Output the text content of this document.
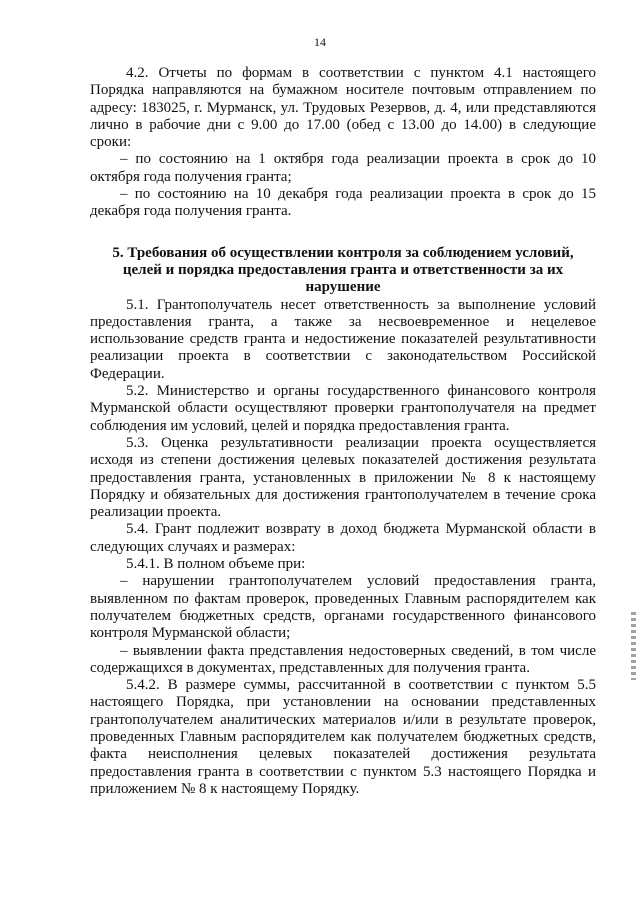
14

4.2. Отчеты по формам в соответствии с пунктом 4.1 настоящего Порядка направляются на бумажном носителе почтовым отправлением по адресу: 183025, г. Мурманск, ул. Трудовых Резервов, д. 4, или представляются лично в рабочие дни с 9.00 до 17.00 (обед с 13.00 до 14.00) в следующие сроки:

– по состоянию на 1 октября года реализации проекта в срок до 10 октября года получения гранта;

– по состоянию на 10 декабря года реализации проекта в срок до 15 декабря года получения гранта.

5. Требования об осуществлении контроля за соблюдением условий, целей и порядка предоставления гранта и ответственности за их нарушение

5.1. Грантополучатель несет ответственность за выполнение условий предоставления гранта, а также за несвоевременное и нецелевое использование средств гранта и недостижение показателей результативности реализации проекта в соответствии с законодательством Российской Федерации.

5.2. Министерство и органы государственного финансового контроля Мурманской области осуществляют проверки грантополучателя на предмет соблюдения им условий, целей и порядка предоставления гранта.

5.3. Оценка результативности реализации проекта осуществляется исходя из степени достижения целевых показателей достижения результата предоставления гранта, установленных в приложении № 8 к настоящему Порядку и обязательных для достижения грантополучателем в течение срока реализации проекта.

5.4. Грант подлежит возврату в доход бюджета Мурманской области в следующих случаях и размерах:

5.4.1. В полном объеме при:

– нарушении грантополучателем условий предоставления гранта, выявленном по фактам проверок, проведенных Главным распорядителем как получателем бюджетных средств, органами государственного финансового контроля Мурманской области;

– выявлении факта представления недостоверных сведений, в том числе содержащихся в документах, представленных для получения гранта.

5.4.2. В размере суммы, рассчитанной в соответствии с пунктом 5.5 настоящего Порядка, при установлении на основании представленных грантополучателем аналитических материалов и/или в результате проверок, проведенных Главным распорядителем как получателем бюджетных средств, факта неисполнения целевых показателей достижения результата предоставления гранта в соответствии с пунктом 5.3 настоящего Порядка и приложением № 8 к настоящему Порядку.
